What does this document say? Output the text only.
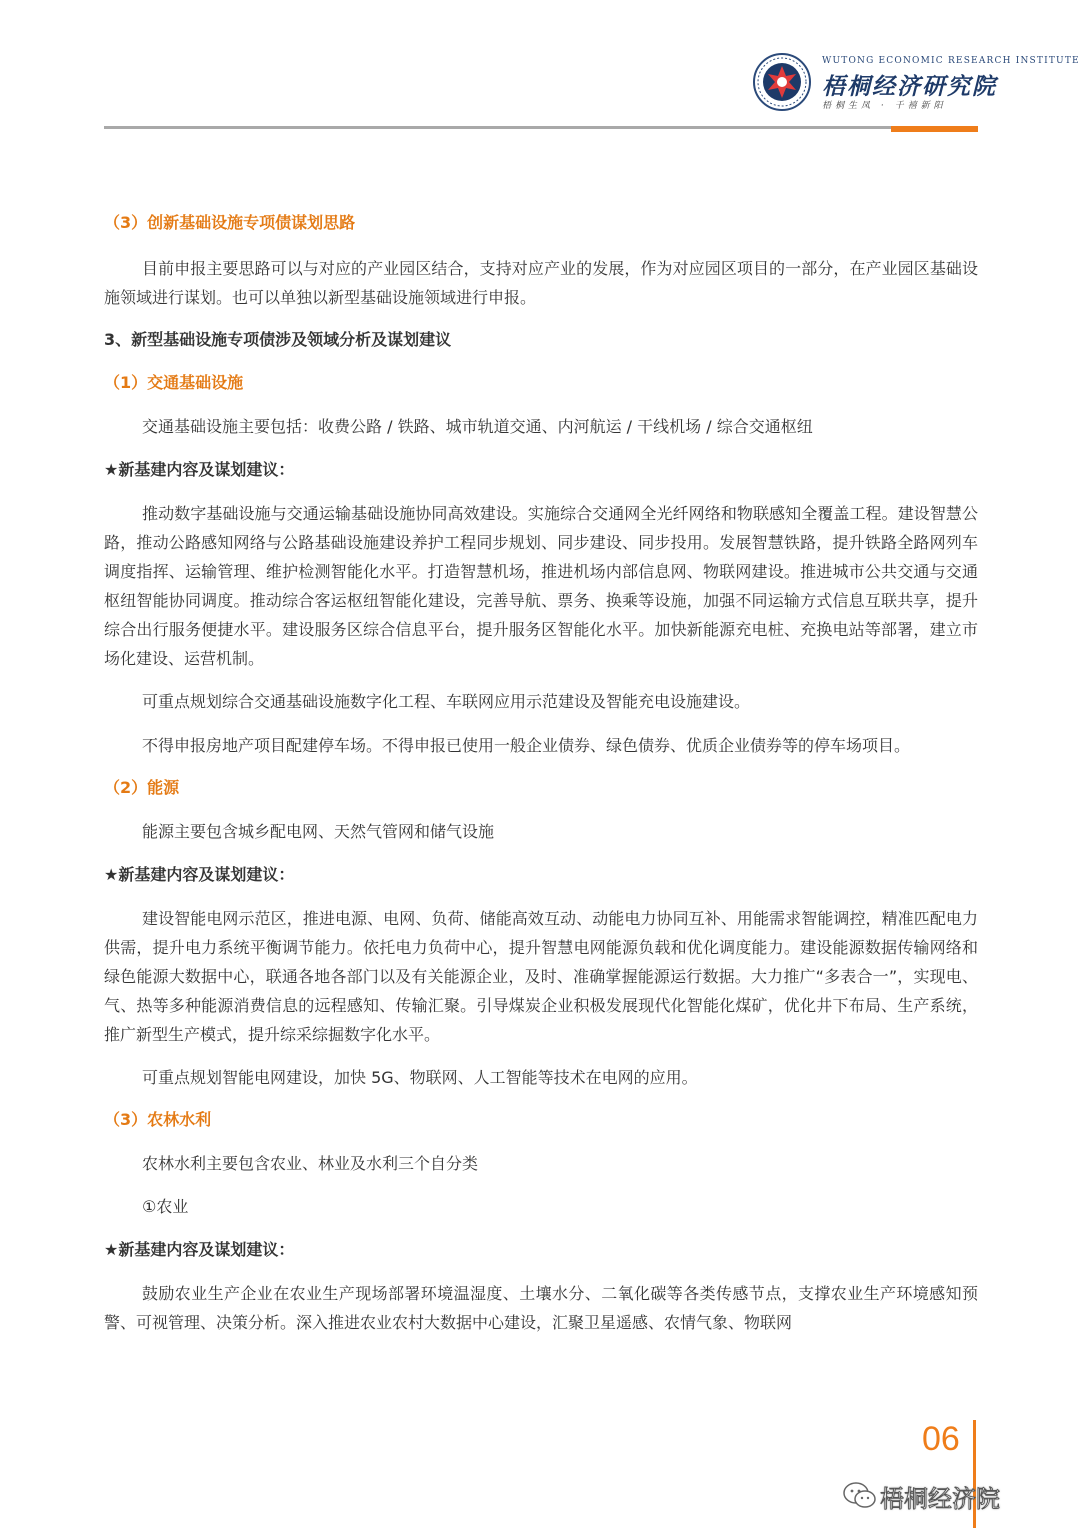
WUTONG ECONOMIC RESEARCH INSTITUTE
梧桐经济研究院
梧桐生凤 · 千禧新阳

（3）创新基础设施专项债谋划思路

目前申报主要思路可以与对应的产业园区结合，支持对应产业的发展，作为对应园区项目的一部分，在产业园区基础设施领域进行谋划。也可以单独以新型基础设施领域进行申报。

3、新型基础设施专项债涉及领域分析及谋划建议

（1）交通基础设施

交通基础设施主要包括：收费公路 / 铁路、城市轨道交通、内河航运 / 干线机场 / 综合交通枢纽

★新基建内容及谋划建议：

推动数字基础设施与交通运输基础设施协同高效建设。实施综合交通网全光纤网络和物联感知全覆盖工程。建设智慧公路，推动公路感知网络与公路基础设施建设养护工程同步规划、同步建设、同步投用。发展智慧铁路，提升铁路全路网列车调度指挥、运输管理、维护检测智能化水平。打造智慧机场，推进机场内部信息网、物联网建设。推进城市公共交通与交通枢纽智能协同调度。推动综合客运枢纽智能化建设，完善导航、票务、换乘等设施，加强不同运输方式信息互联共享，提升综合出行服务便捷水平。建设服务区综合信息平台，提升服务区智能化水平。加快新能源充电桩、充换电站等部署，建立市场化建设、运营机制。

可重点规划综合交通基础设施数字化工程、车联网应用示范建设及智能充电设施建设。

不得申报房地产项目配建停车场。不得申报已使用一般企业债券、绿色债券、优质企业债券等的停车场项目。

（2）能源

能源主要包含城乡配电网、天然气管网和储气设施

★新基建内容及谋划建议：

建设智能电网示范区，推进电源、电网、负荷、储能高效互动、动能电力协同互补、用能需求智能调控，精准匹配电力供需，提升电力系统平衡调节能力。依托电力负荷中心，提升智慧电网能源负载和优化调度能力。建设能源数据传输网络和绿色能源大数据中心，联通各地各部门以及有关能源企业，及时、准确掌握能源运行数据。大力推广“多表合一”，实现电、气、热等多种能源消费信息的远程感知、传输汇聚。引导煤炭企业积极发展现代化智能化煤矿，优化井下布局、生产系统，推广新型生产模式，提升综采综掘数字化水平。

可重点规划智能电网建设，加快 5G、物联网、人工智能等技术在电网的应用。

（3）农林水利

农林水利主要包含农业、林业及水利三个自分类

①农业

★新基建内容及谋划建议：

鼓励农业生产企业在农业生产现场部署环境温湿度、土壤水分、二氧化碳等各类传感节点，支撑农业生产环境感知预警、可视管理、决策分析。深入推进农业农村大数据中心建设，汇聚卫星遥感、农情气象、物联网

06
梧桐经济院
